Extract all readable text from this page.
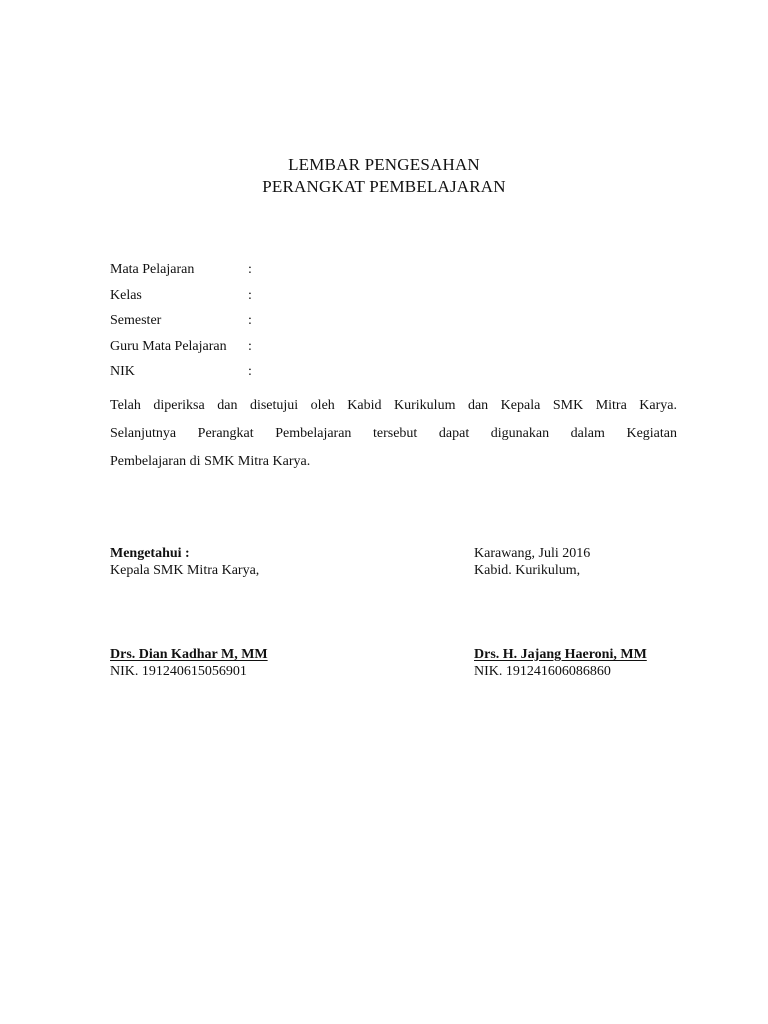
LEMBAR PENGESAHAN
PERANGKAT PEMBELAJARAN
Mata Pelajaran	:
Kelas	:
Semester	:
Guru Mata Pelajaran :
NIK	:
Telah diperiksa dan disetujui oleh Kabid Kurikulum dan Kepala SMK Mitra Karya.
Selanjutnya Perangkat Pembelajaran tersebut dapat digunakan dalam Kegiatan
Pembelajaran di SMK Mitra Karya.
Mengetahui :
Kepala SMK Mitra Karya,
Karawang, Juli 2016
Kabid. Kurikulum,
Drs. Dian Kadhar M, MM
NIK. 191240615056901
Drs. H. Jajang Haeroni, MM
NIK. 191241606086860
